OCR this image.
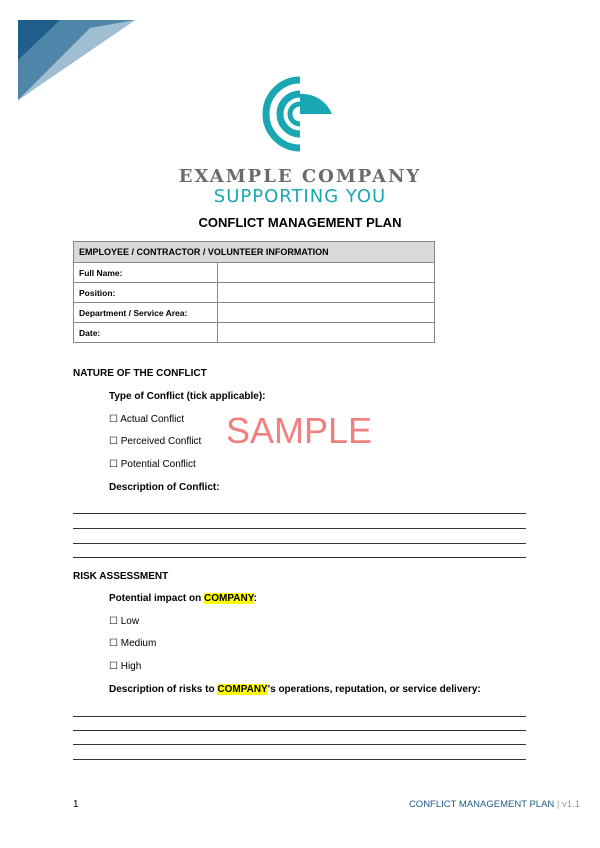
EXAMPLE COMPANY
SUPPORTING YOU
CONFLICT MANAGEMENT PLAN
EMPLOYEE / CONTRACTOR / VOLUNTEER INFORMATION	
Full Name:	
Position:	
Department / Service Area:	
Date:	
NATURE OF THE CONFLICT
Type of Conflict (tick applicable):
☐ Actual Conflict
☐ Perceived Conflict
☐ Potential Conflict
Description of Conflict:
RISK ASSESSMENT
Potential impact on COMPANY:
☐ Low
☐ Medium
☐ High
Description of risks to COMPANY's operations, reputation, or service delivery:
SAMPLE
1	CONFLICT MANAGEMENT PLAN | v1.1
